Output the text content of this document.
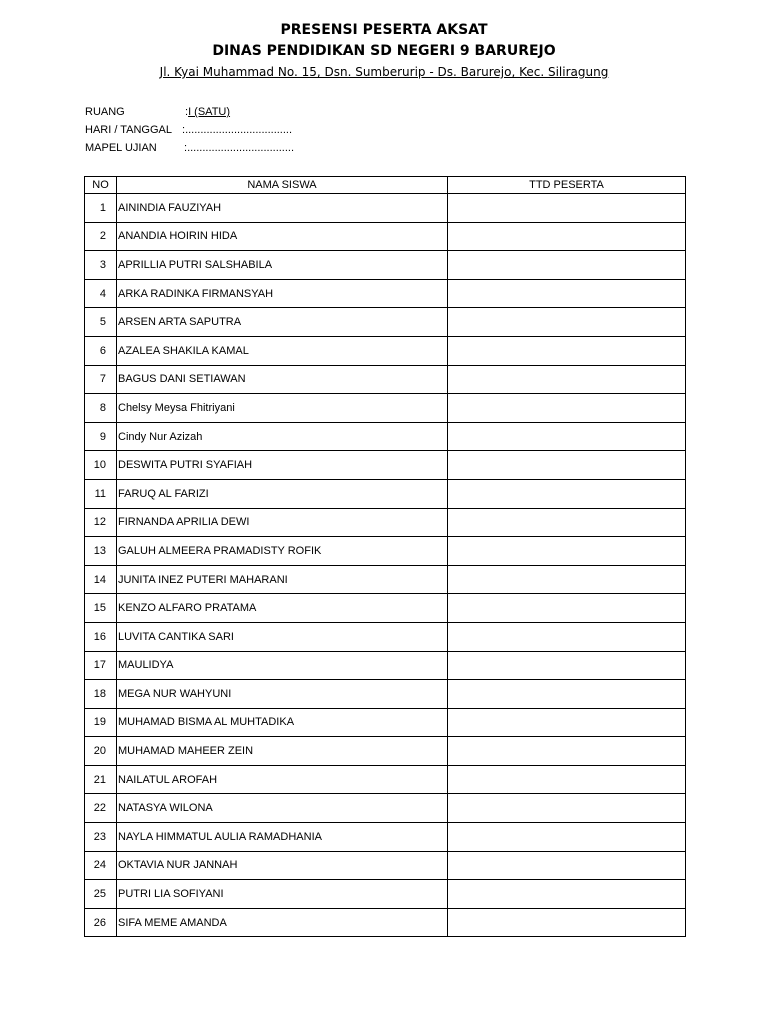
PRESENSI PESERTA AKSAT
DINAS PENDIDIKAN SD NEGERI 9 BARUREJO
Jl. Kyai Muhammad No. 15, Dsn. Sumberurip - Ds. Barurejo, Kec. Siliragung
RUANG	:I (SATU)
HARI / TANGGAL :...................................
MAPEL UJIAN :...................................
NO	NAMA SISWA	TTD PESERTA
1	AININDIA FAUZIYAH	
2	ANANDIA HOIRIN HIDA	
3	APRILLIA PUTRI SALSHABILA	
4	ARKA RADINKA FIRMANSYAH	
5	ARSEN ARTA SAPUTRA	
6	AZALEA SHAKILA KAMAL	
7	BAGUS DANI SETIAWAN	
8	Chelsy Meysa Fhitriyani	
9	Cindy Nur Azizah	
10	DESWITA PUTRI SYAFIAH	
11	FARUQ AL FARIZI	
12	FIRNANDA APRILIA DEWI	
13	GALUH ALMEERA PRAMADISTY ROFIK	
14	JUNITA INEZ PUTERI MAHARANI	
15	KENZO ALFARO PRATAMA	
16	LUVITA CANTIKA SARI	
17	MAULIDYA	
18	MEGA NUR WAHYUNI	
19	MUHAMAD BISMA AL MUHTADIKA	
20	MUHAMAD MAHEER ZEIN	
21	NAILATUL AROFAH	
22	NATASYA WILONA	
23	NAYLA HIMMATUL AULIA RAMADHANIA	
24	OKTAVIA NUR JANNAH	
25	PUTRI LIA SOFIYANI	
26	SIFA MEME AMANDA	
